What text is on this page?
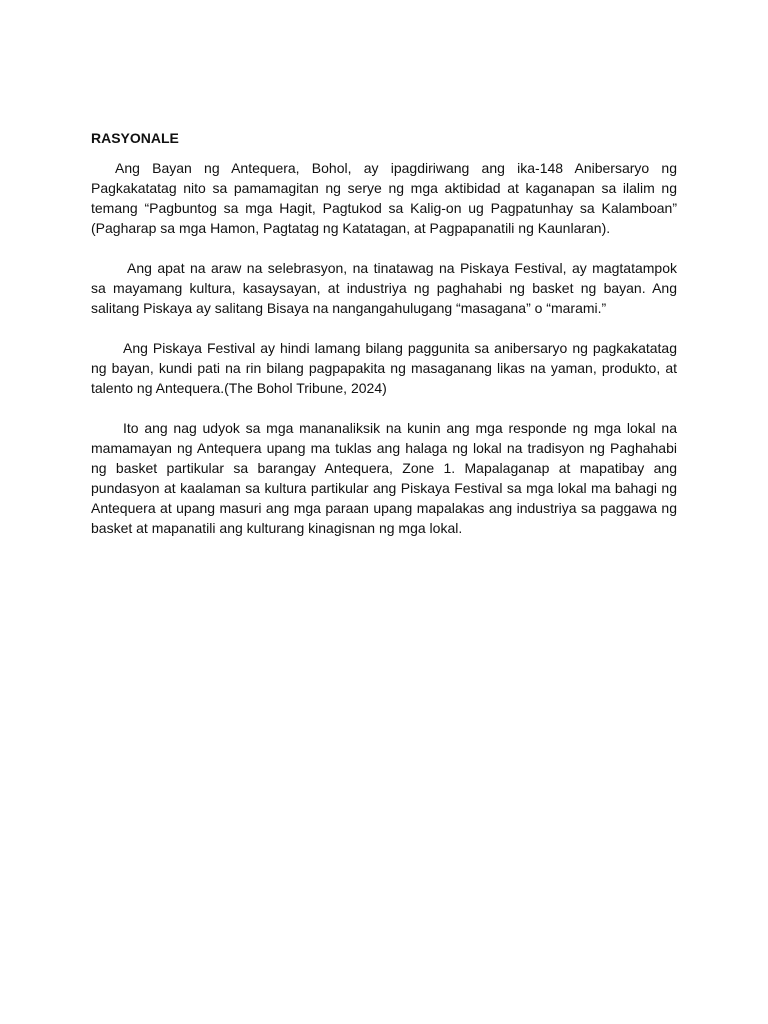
RASYONALE

Ang Bayan ng Antequera, Bohol, ay ipagdiriwang ang ika-148 Anibersaryo ng Pagkakatatag nito sa pamamagitan ng serye ng mga aktibidad at kaganapan sa ilalim ng temang “Pagbuntog sa mga Hagit, Pagtukod sa Kalig-on ug Pagpatunhay sa Kalamboan” (Pagharap sa mga Hamon, Pagtatag ng Katatagan, at Pagpapanatili ng Kaunlaran).

Ang apat na araw na selebrasyon, na tinatawag na Piskaya Festival, ay magtatampok sa mayamang kultura, kasaysayan, at industriya ng paghahabi ng basket ng bayan. Ang salitang Piskaya ay salitang Bisaya na nangangahulugang “masagana” o “marami.”

Ang Piskaya Festival ay hindi lamang bilang paggunita sa anibersaryo ng pagkakatatag ng bayan, kundi pati na rin bilang pagpapakita ng masaganang likas na yaman, produkto, at talento ng Antequera.(The Bohol Tribune, 2024)

Ito ang nag udyok sa mga mananaliksik na kunin ang mga responde ng mga lokal na mamamayan ng Antequera upang ma tuklas ang halaga ng lokal na tradisyon ng Paghahabi ng basket partikular sa barangay Antequera, Zone 1. Mapalaganap at mapatibay ang pundasyon at kaalaman sa kultura partikular ang Piskaya Festival sa mga lokal ma bahagi ng Antequera at upang masuri ang mga paraan upang mapalakas ang industriya sa paggawa ng basket at mapanatili ang kulturang kinagisnan ng mga lokal.
